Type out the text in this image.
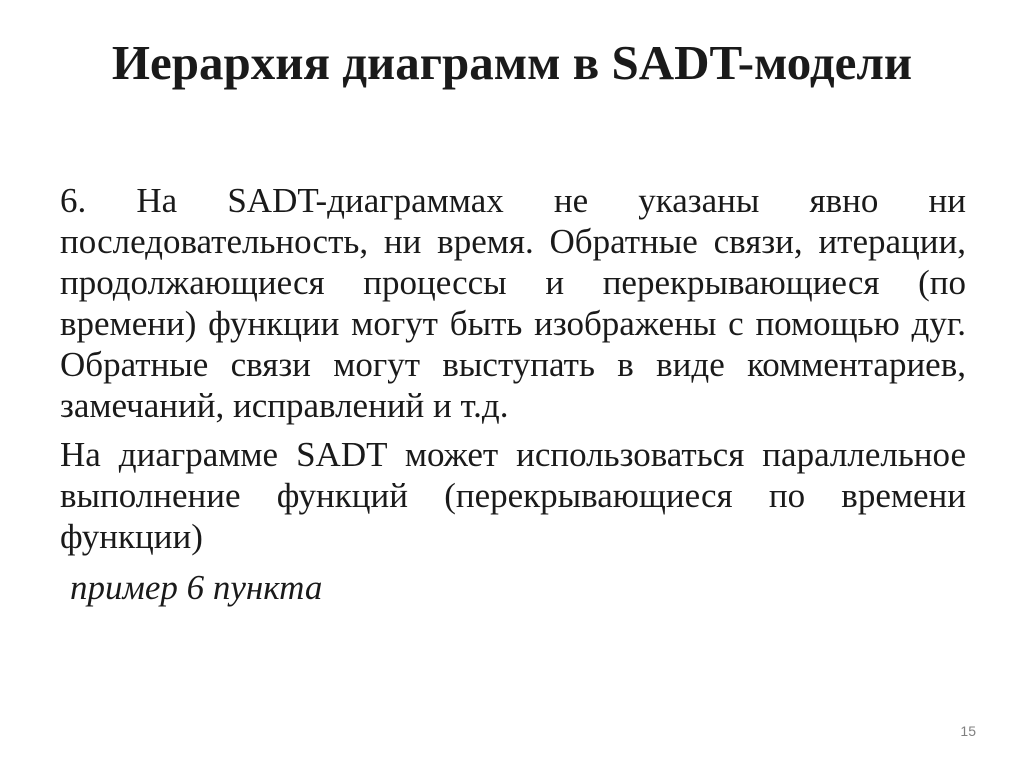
Иерархия диаграмм в SADT-модели

6. На SADT-диаграммах не указаны явно ни последовательность, ни время. Обратные связи, итерации, продолжающиеся процессы и перекрывающиеся (по времени) функции могут быть изображены с помощью дуг. Обратные связи могут выступать в виде комментариев, замечаний, исправлений и т.д.

На диаграмме SADT может использоваться параллельное выполнение функций (перекрывающиеся по времени функции)

пример 6 пункта
15
